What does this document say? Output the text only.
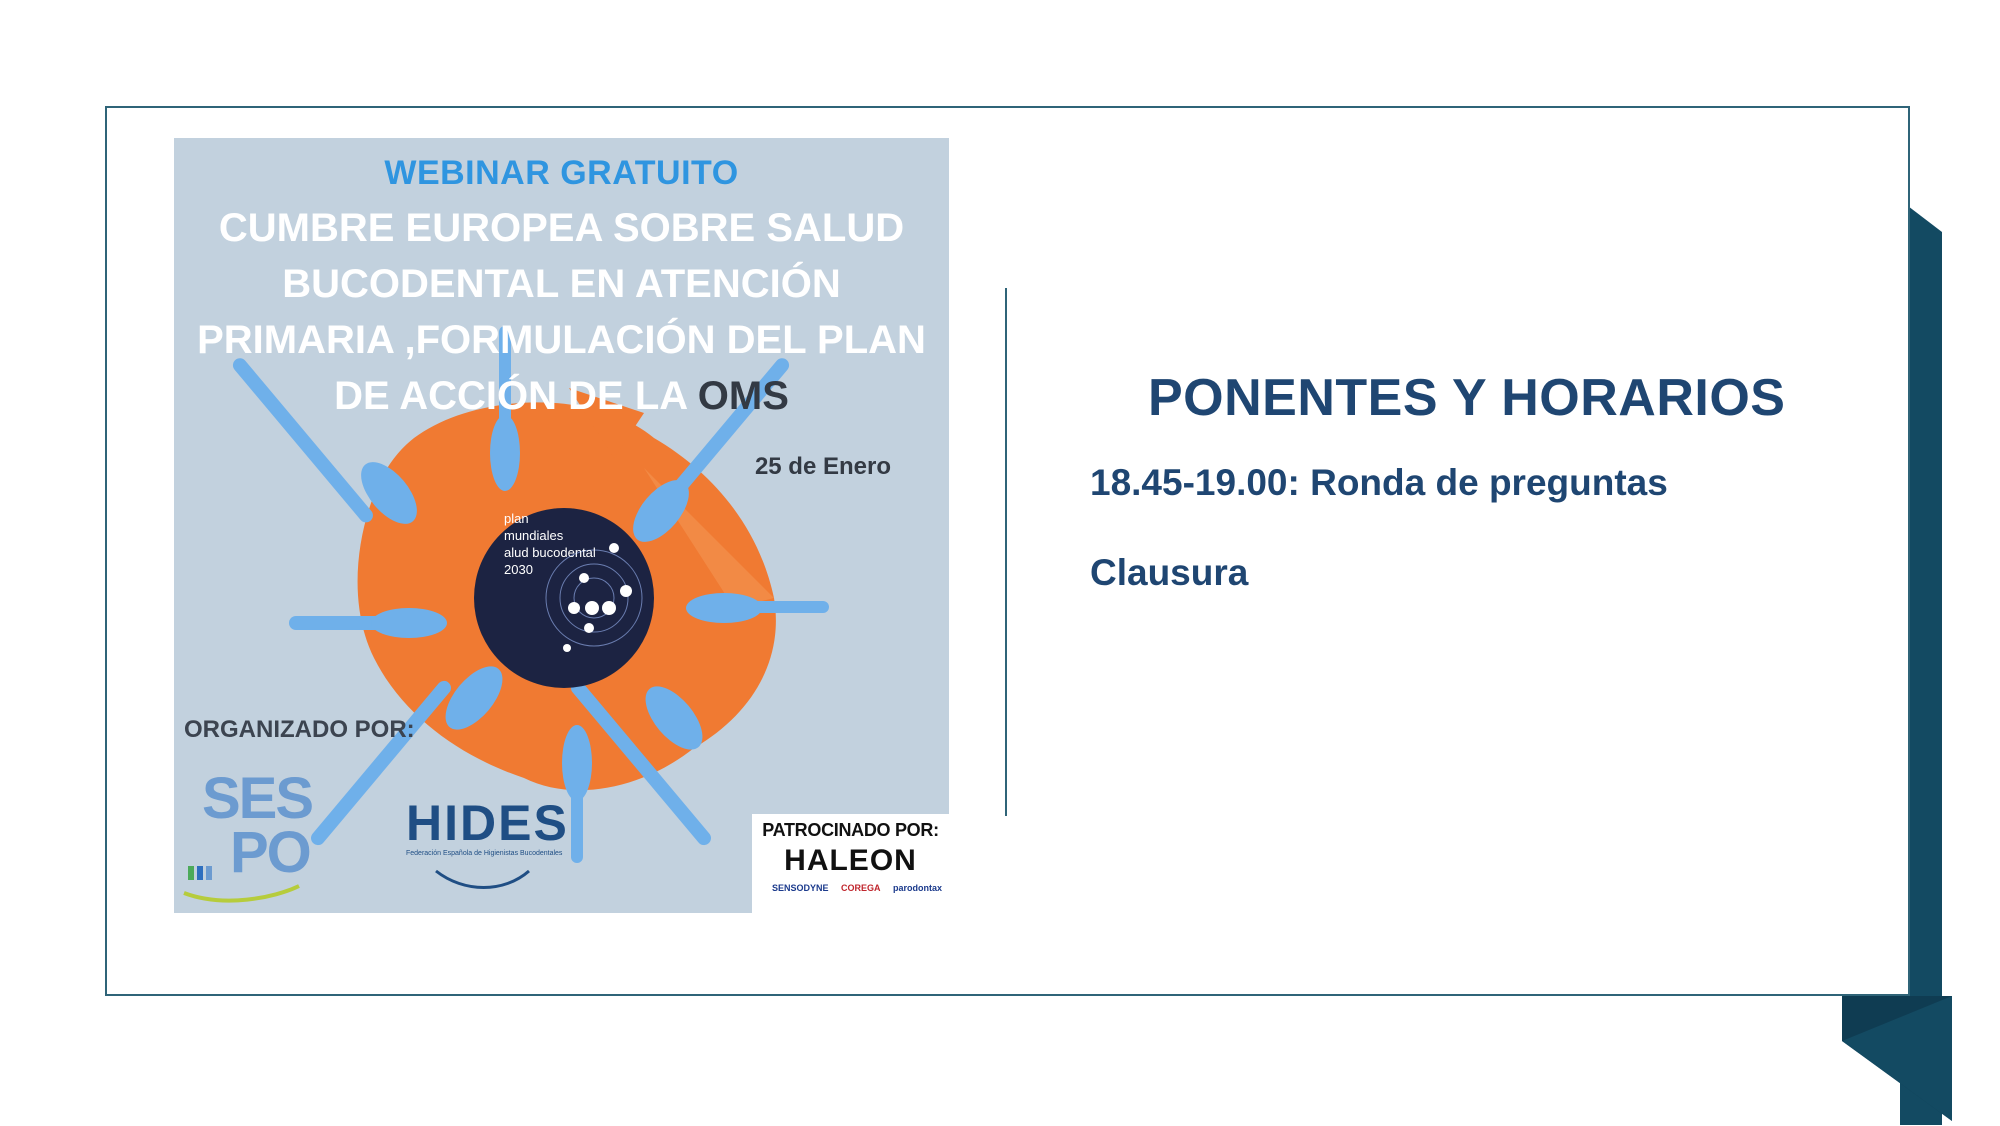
WEBINAR GRATUITO
CUMBRE EUROPEA SOBRE SALUD BUCODENTAL EN ATENCIÓN PRIMARIA ,FORMULACIÓN DEL PLAN DE ACCIÓN DE LA OMS
25 de Enero
plan
mundiales
alud bucodental
2030
ORGANIZADO POR:
SES
PO HIDES
Federación Española de Higienistas Bucodentales
PATROCINADO POR:
HALEON
SENSODYNE COREGA parodontax
PONENTES Y HORARIOS
18.45-19.00: Ronda de preguntas
Clausura
